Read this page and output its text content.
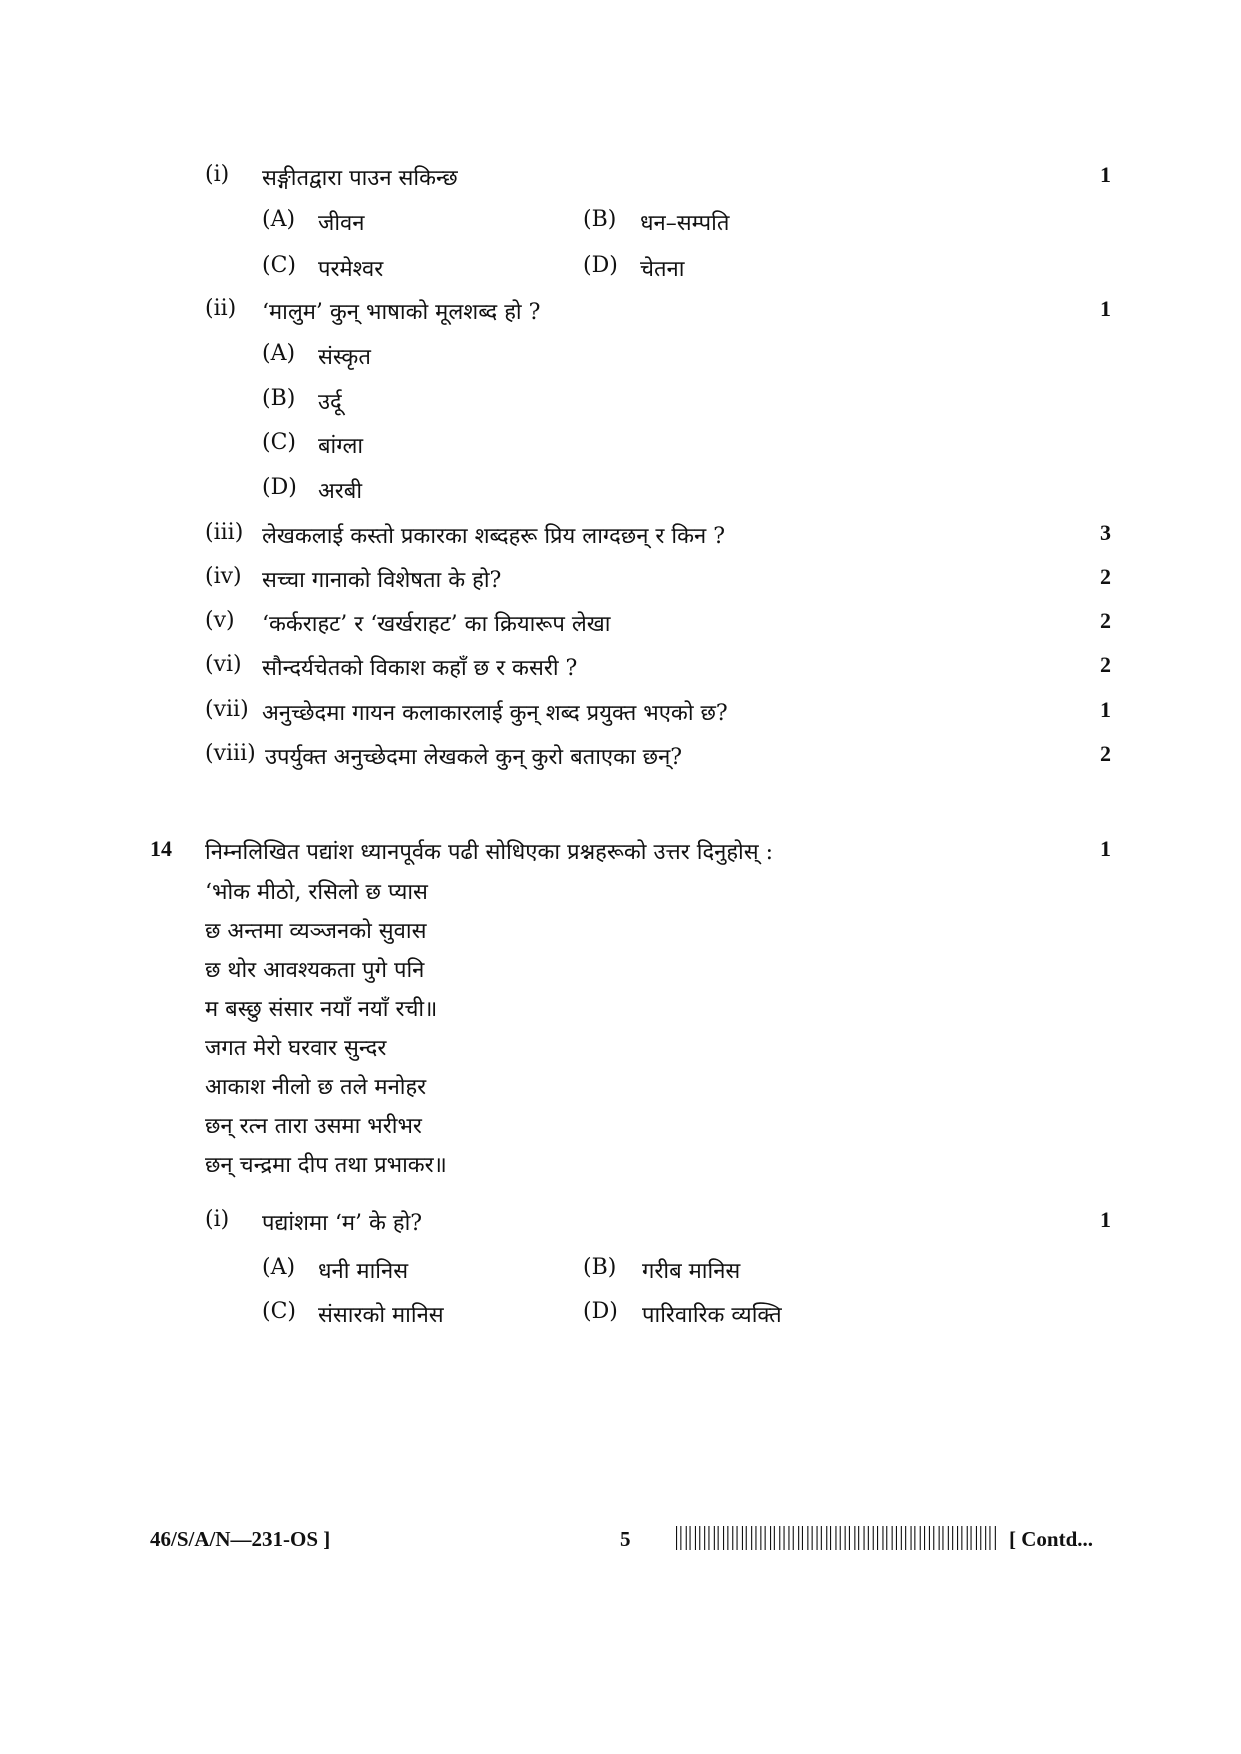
(i) सङ्गीतद्वारा पाउन सकिन्छ	1
(A) जीवन	(B) धन–सम्पति
(C) परमेश्वर	(D) चेतना
(ii) ‘मालुम’ कुन् भाषाको मूलशब्द हो ?	1
(A) संस्कृत
(B) उर्दू
(C) बांग्ला
(D) अरबी
(iii) लेखकलाई कस्तो प्रकारका शब्दहरू प्रिय लाग्दछन् र किन ?	3
(iv) सच्चा गानाको विशेषता के हो?	2
(v) ‘कर्कराहट’ र ‘खर्खराहट’ का क्रियारूप लेखा	2
(vi) सौन्दर्यचेतको विकाश कहाँ छ र कसरी ?	2
(vii) अनुच्छेदमा गायन कलाकारलाई कुन् शब्द प्रयुक्त भएको छ?	1
(viii) उपर्युक्त अनुच्छेदमा लेखकले कुन् कुरो बताएका छन्?	2
14 निम्नलिखित पद्यांश ध्यानपूर्वक पढी सोधिएका प्रश्नहरूको उत्तर दिनुहोस् :	1
‘भोक मीठो, रसिलो छ प्यास
छ अन्तमा व्यञ्जनको सुवास
छ थोर आवश्यकता पुगे पनि
म बस्छु संसार नयाँ नयाँ रची॥
जगत मेरो घरवार सुन्दर
आकाश नीलो छ तले मनोहर
छन् रत्न तारा उसमा भरीभर
छन् चन्द्रमा दीप तथा प्रभाकर॥
(i) पद्यांशमा ‘म’ के हो?	1
(A) धनी मानिस	(B) गरीब मानिस
(C) संसारको मानिस	(D) पारिवारिक व्यक्ति
46/S/A/N—231-OS ]	5	[ Contd...
